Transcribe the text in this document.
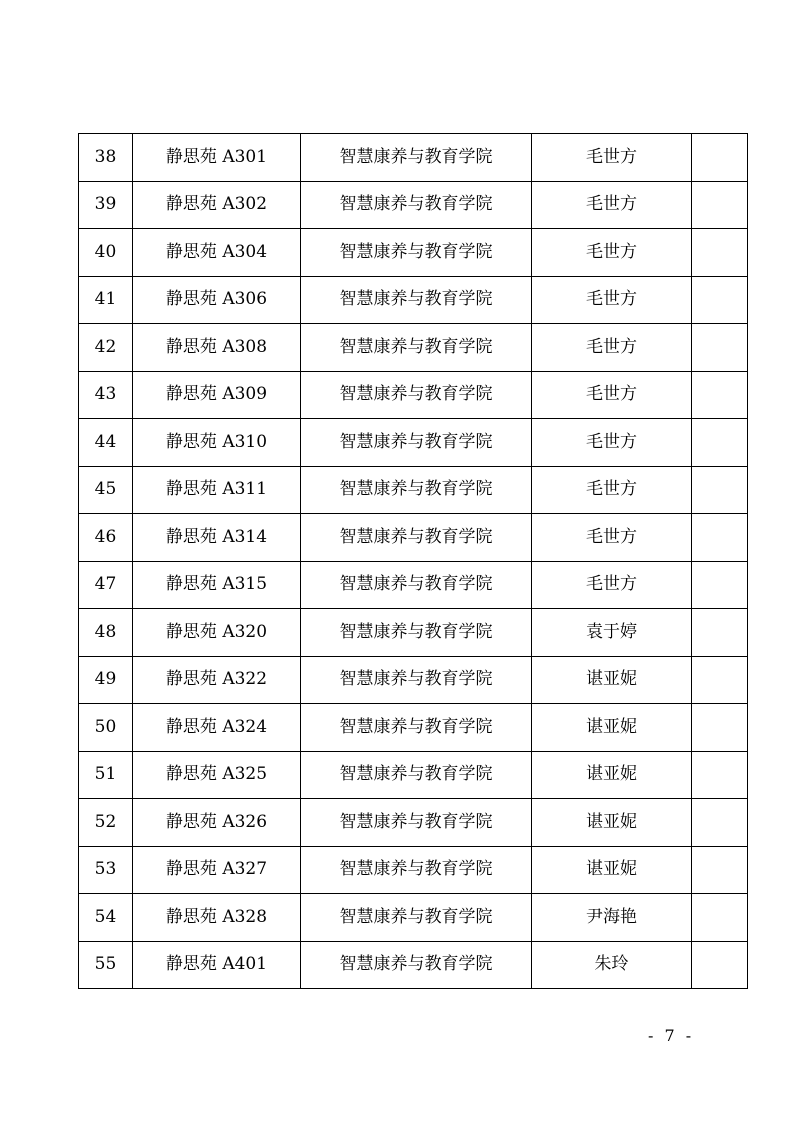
38	静思苑 A301	智慧康养与教育学院	毛世方	
39	静思苑 A302	智慧康养与教育学院	毛世方	
40	静思苑 A304	智慧康养与教育学院	毛世方	
41	静思苑 A306	智慧康养与教育学院	毛世方	
42	静思苑 A308	智慧康养与教育学院	毛世方	
43	静思苑 A309	智慧康养与教育学院	毛世方	
44	静思苑 A310	智慧康养与教育学院	毛世方	
45	静思苑 A311	智慧康养与教育学院	毛世方	
46	静思苑 A314	智慧康养与教育学院	毛世方	
47	静思苑 A315	智慧康养与教育学院	毛世方	
48	静思苑 A320	智慧康养与教育学院	袁于婷	
49	静思苑 A322	智慧康养与教育学院	谌亚妮	
50	静思苑 A324	智慧康养与教育学院	谌亚妮	
51	静思苑 A325	智慧康养与教育学院	谌亚妮	
52	静思苑 A326	智慧康养与教育学院	谌亚妮	
53	静思苑 A327	智慧康养与教育学院	谌亚妮	
54	静思苑 A328	智慧康养与教育学院	尹海艳	
55	静思苑 A401	智慧康养与教育学院	朱玲	
- 7 -
